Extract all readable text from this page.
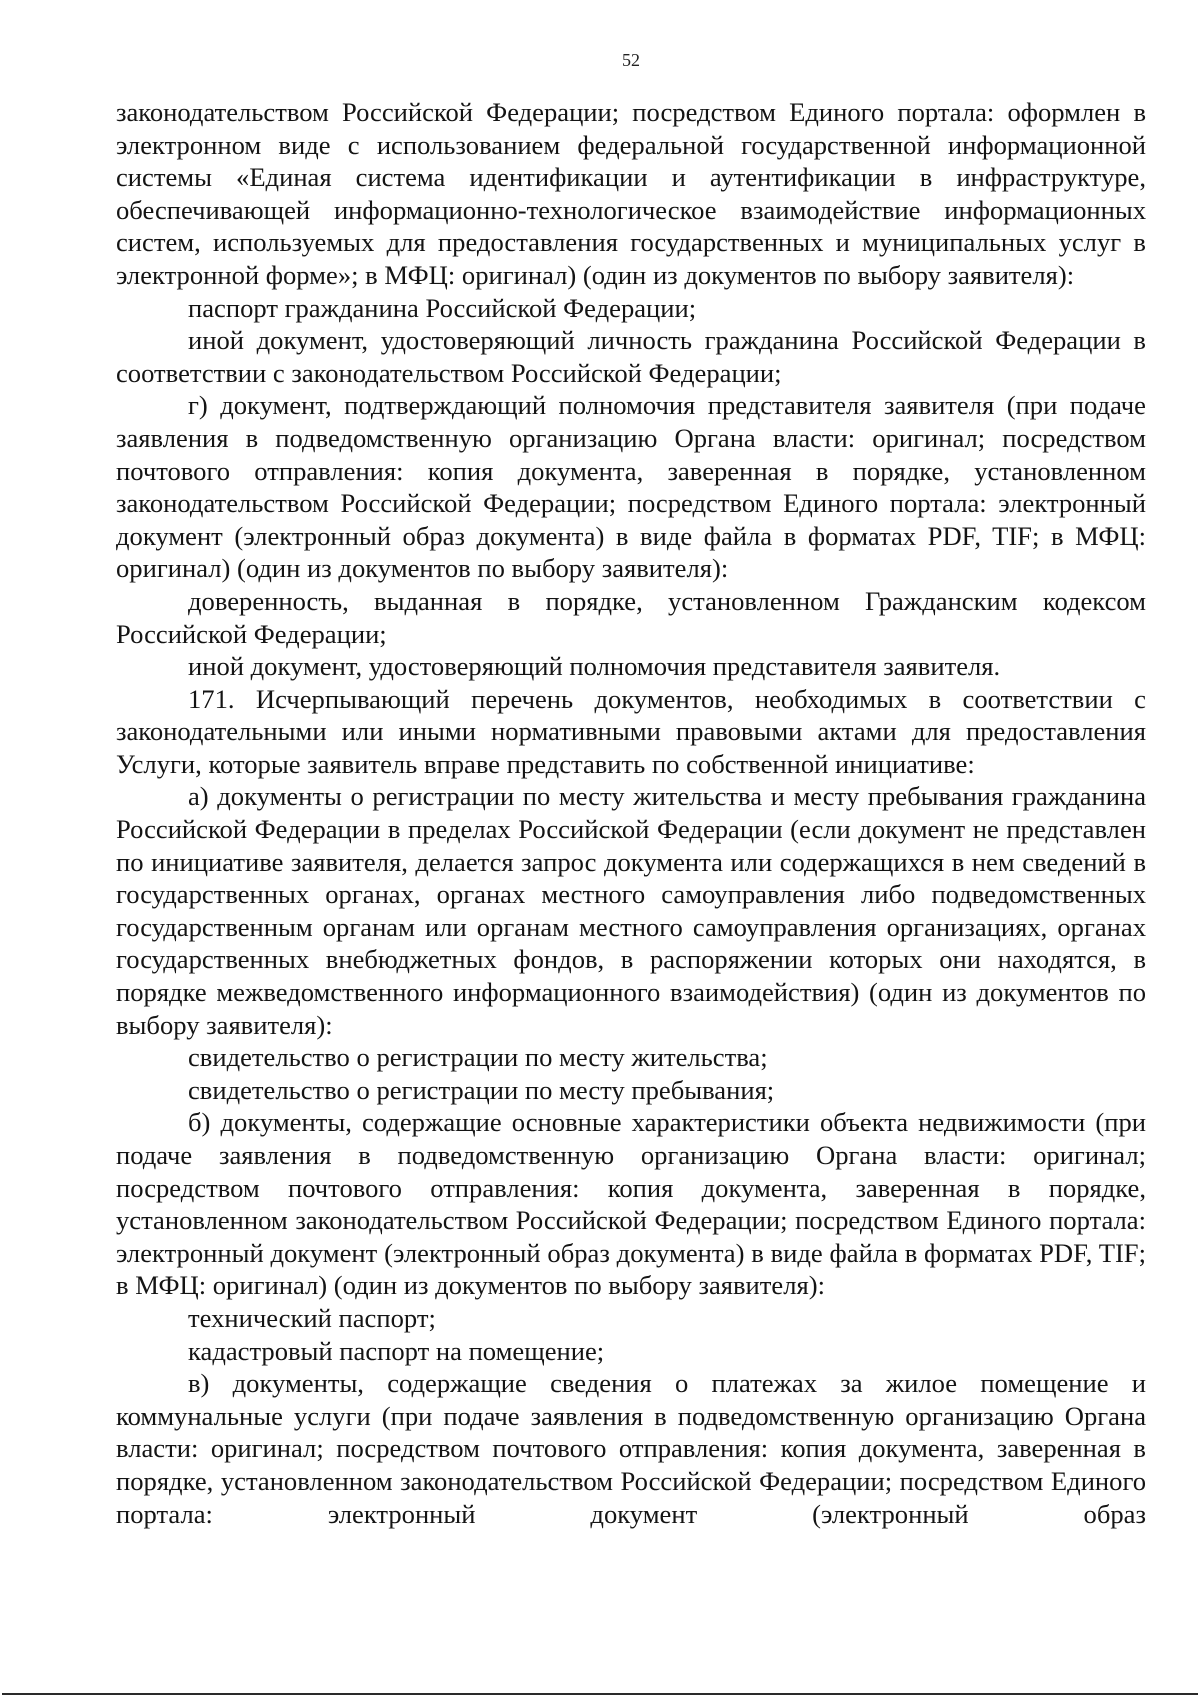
52

законодательством Российской Федерации; посредством Единого портала: оформлен в электронном виде с использованием федеральной государственной информационной системы «Единая система идентификации и аутентификации в инфраструктуре, обеспечивающей информационно-технологическое взаимодействие информационных систем, используемых для предоставления государственных и муниципальных услуг в электронной форме»; в МФЦ: оригинал) (один из документов по выбору заявителя):

паспорт гражданина Российской Федерации;

иной документ, удостоверяющий личность гражданина Российской Федерации в соответствии с законодательством Российской Федерации;

г) документ, подтверждающий полномочия представителя заявителя (при подаче заявления в подведомственную организацию Органа власти: оригинал; посредством почтового отправления: копия документа, заверенная в порядке, установленном законодательством Российской Федерации; посредством Единого портала: электронный документ (электронный образ документа) в виде файла в форматах PDF, TIF; в МФЦ: оригинал) (один из документов по выбору заявителя):

доверенность, выданная в порядке, установленном Гражданским кодексом Российской Федерации;

иной документ, удостоверяющий полномочия представителя заявителя.

171. Исчерпывающий перечень документов, необходимых в соответствии с законодательными или иными нормативными правовыми актами для предоставления Услуги, которые заявитель вправе представить по собственной инициативе:

а) документы о регистрации по месту жительства и месту пребывания гражданина Российской Федерации в пределах Российской Федерации (если документ не представлен по инициативе заявителя, делается запрос документа или содержащихся в нем сведений в государственных органах, органах местного самоуправления либо подведомственных государственным органам или органам местного самоуправления организациях, органах государственных внебюджетных фондов, в распоряжении которых они находятся, в порядке межведомственного информационного взаимодействия) (один из документов по выбору заявителя):

свидетельство о регистрации по месту жительства;

свидетельство о регистрации по месту пребывания;

б) документы, содержащие основные характеристики объекта недвижимости (при подаче заявления в подведомственную организацию Органа власти: оригинал; посредством почтового отправления: копия документа, заверенная в порядке, установленном законодательством Российской Федерации; посредством Единого портала: электронный документ (электронный образ документа) в виде файла в форматах PDF, TIF; в МФЦ: оригинал) (один из документов по выбору заявителя):

технический паспорт;

кадастровый паспорт на помещение;

в) документы, содержащие сведения о платежах за жилое помещение и коммунальные услуги (при подаче заявления в подведомственную организацию Органа власти: оригинал; посредством почтового отправления: копия документа, заверенная в порядке, установленном законодательством Российской Федерации; посредством Единого портала: электронный документ (электронный образ
